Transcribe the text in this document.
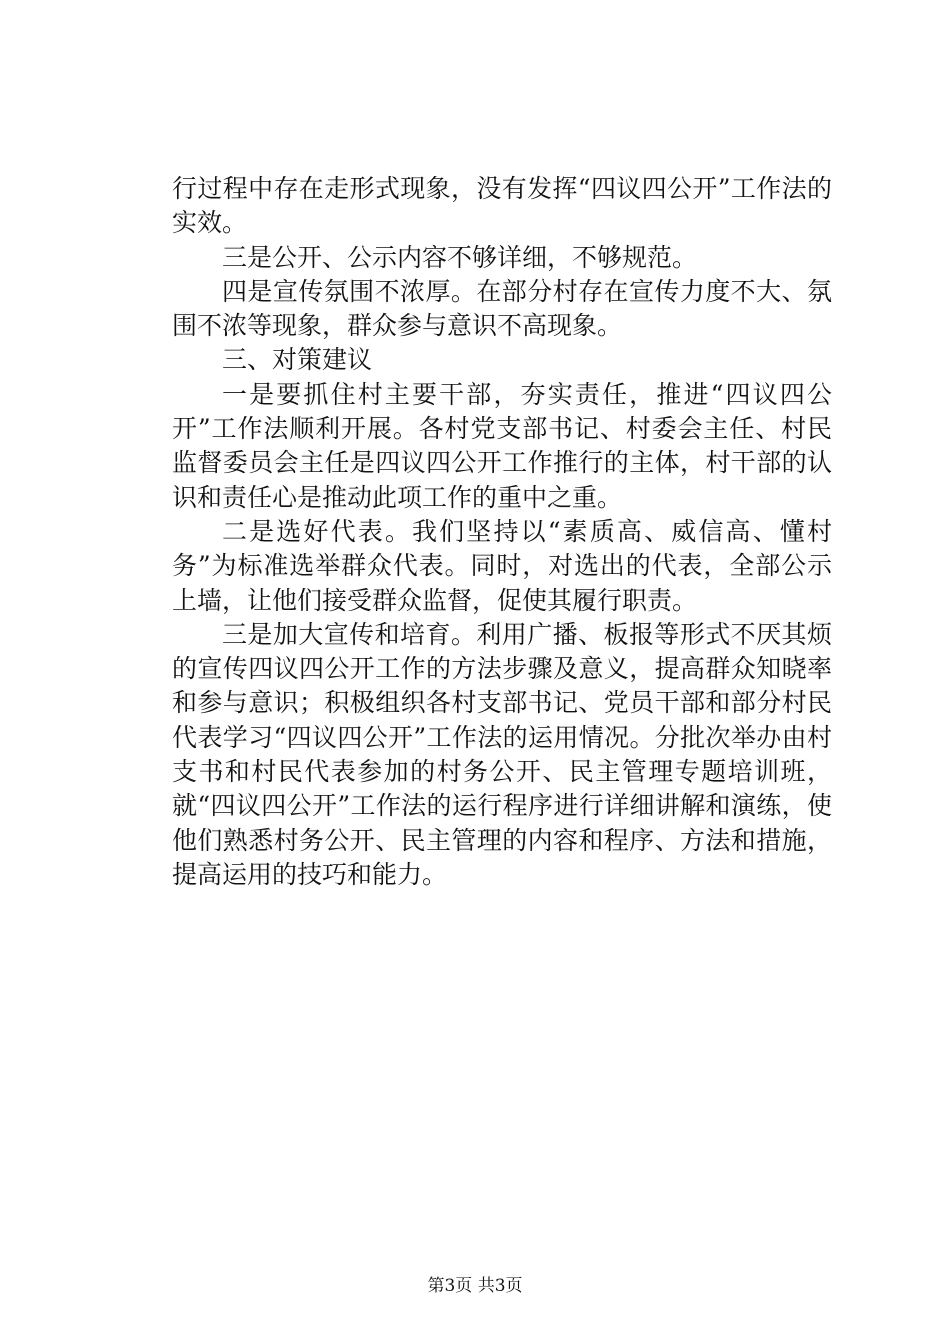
行过程中存在走形式现象，没有发挥“四议四公开”工作法的实效。

三是公开、公示内容不够详细，不够规范。

四是宣传氛围不浓厚。在部分村存在宣传力度不大、氛围不浓等现象，群众参与意识不高现象。

三、对策建议

一是要抓住村主要干部，夯实责任，推进“四议四公开”工作法顺利开展。各村党支部书记、村委会主任、村民监督委员会主任是四议四公开工作推行的主体，村干部的认识和责任心是推动此项工作的重中之重。

二是选好代表。我们坚持以“素质高、威信高、懂村务”为标准选举群众代表。同时，对选出的代表，全部公示上墙，让他们接受群众监督，促使其履行职责。

三是加大宣传和培育。利用广播、板报等形式不厌其烦的宣传四议四公开工作的方法步骤及意义，提高群众知晓率和参与意识；积极组织各村支部书记、党员干部和部分村民代表学习“四议四公开”工作法的运用情况。分批次举办由村支书和村民代表参加的村务公开、民主管理专题培训班，就“四议四公开”工作法的运行程序进行详细讲解和演练，使他们熟悉村务公开、民主管理的内容和程序、方法和措施，提高运用的技巧和能力。

第3页 共3页
